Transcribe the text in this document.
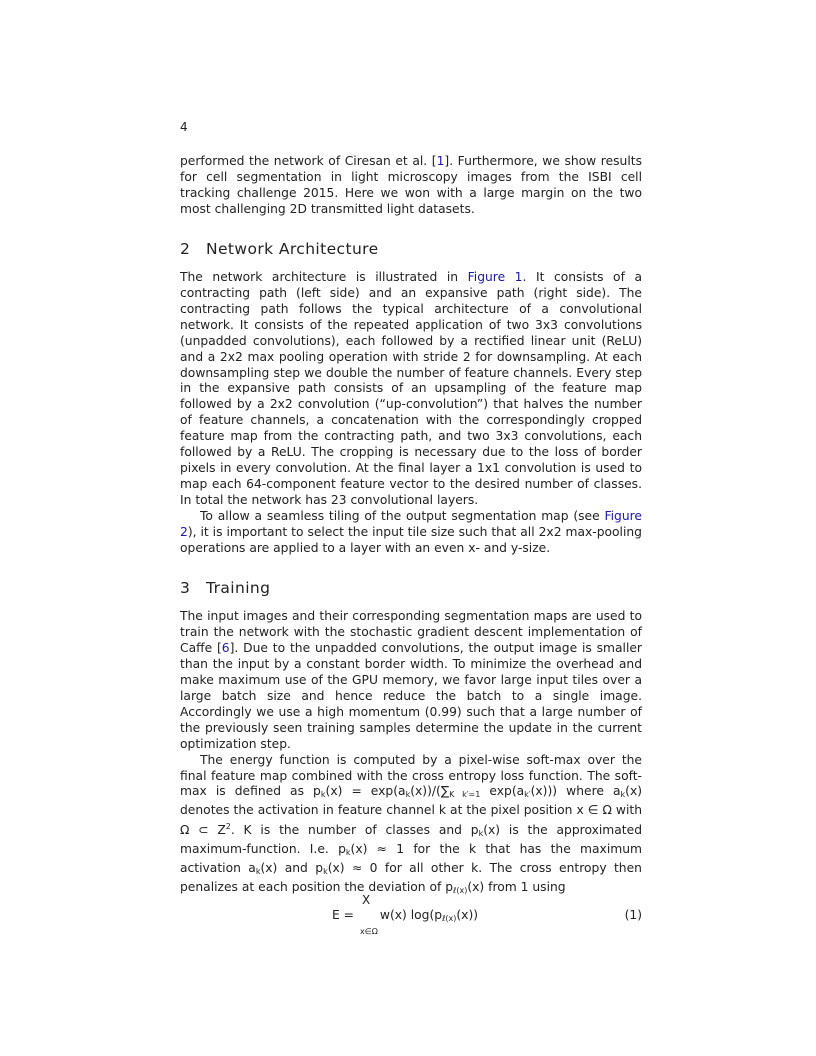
4

performed the network of Ciresan et al. [1]. Furthermore, we show results for cell segmentation in light microscopy images from the ISBI cell tracking challenge 2015. Here we won with a large margin on the two most challenging 2D transmitted light datasets.

2 Network Architecture

The network architecture is illustrated in Figure 1. It consists of a contracting path (left side) and an expansive path (right side). The contracting path follows the typical architecture of a convolutional network. It consists of the repeated application of two 3x3 convolutions (unpadded convolutions), each followed by a rectified linear unit (ReLU) and a 2x2 max pooling operation with stride 2 for downsampling. At each downsampling step we double the number of feature channels. Every step in the expansive path consists of an upsampling of the feature map followed by a 2x2 convolution (“up-convolution”) that halves the number of feature channels, a concatenation with the correspondingly cropped feature map from the contracting path, and two 3x3 convolutions, each followed by a ReLU. The cropping is necessary due to the loss of border pixels in every convolution. At the final layer a 1x1 convolution is used to map each 64-component feature vector to the desired number of classes. In total the network has 23 convolutional layers.

To allow a seamless tiling of the output segmentation map (see Figure 2), it is important to select the input tile size such that all 2x2 max-pooling operations are applied to a layer with an even x- and y-size.

3 Training

The input images and their corresponding segmentation maps are used to train the network with the stochastic gradient descent implementation of Caffe [6]. Due to the unpadded convolutions, the output image is smaller than the input by a constant border width. To minimize the overhead and make maximum use of the GPU memory, we favor large input tiles over a large batch size and hence reduce the batch to a single image. Accordingly we use a high momentum (0.99) such that a large number of the previously seen training samples determine the update in the current optimization step.

The energy function is computed by a pixel-wise soft-max over the final feature map combined with the cross entropy loss function. The soft-max is defined as $p_k(x) = \exp(a_k(x))/(\sum_{K k'=1}$ $\exp(a_{k'}(x))$) where $a_k(x)$ denotes the activation in feature channel k at the pixel position x ∈ Ω with Ω ⊂ $Z^2$. K is the number of classes and $p_k(x)$ is the approximated maximum-function. I.e. $p_k(x) \approx 1$ for the k that has the maximum activation $a_k(x)$ and $p_k(x) \approx 0$ for all other k. The cross entropy then penalizes at each position the deviation of $p_{\ell(x)}(x)$ from 1 using

X
x∈Ω
E = w(x) $\log(p_{\ell(x)}(x))$	(1)
